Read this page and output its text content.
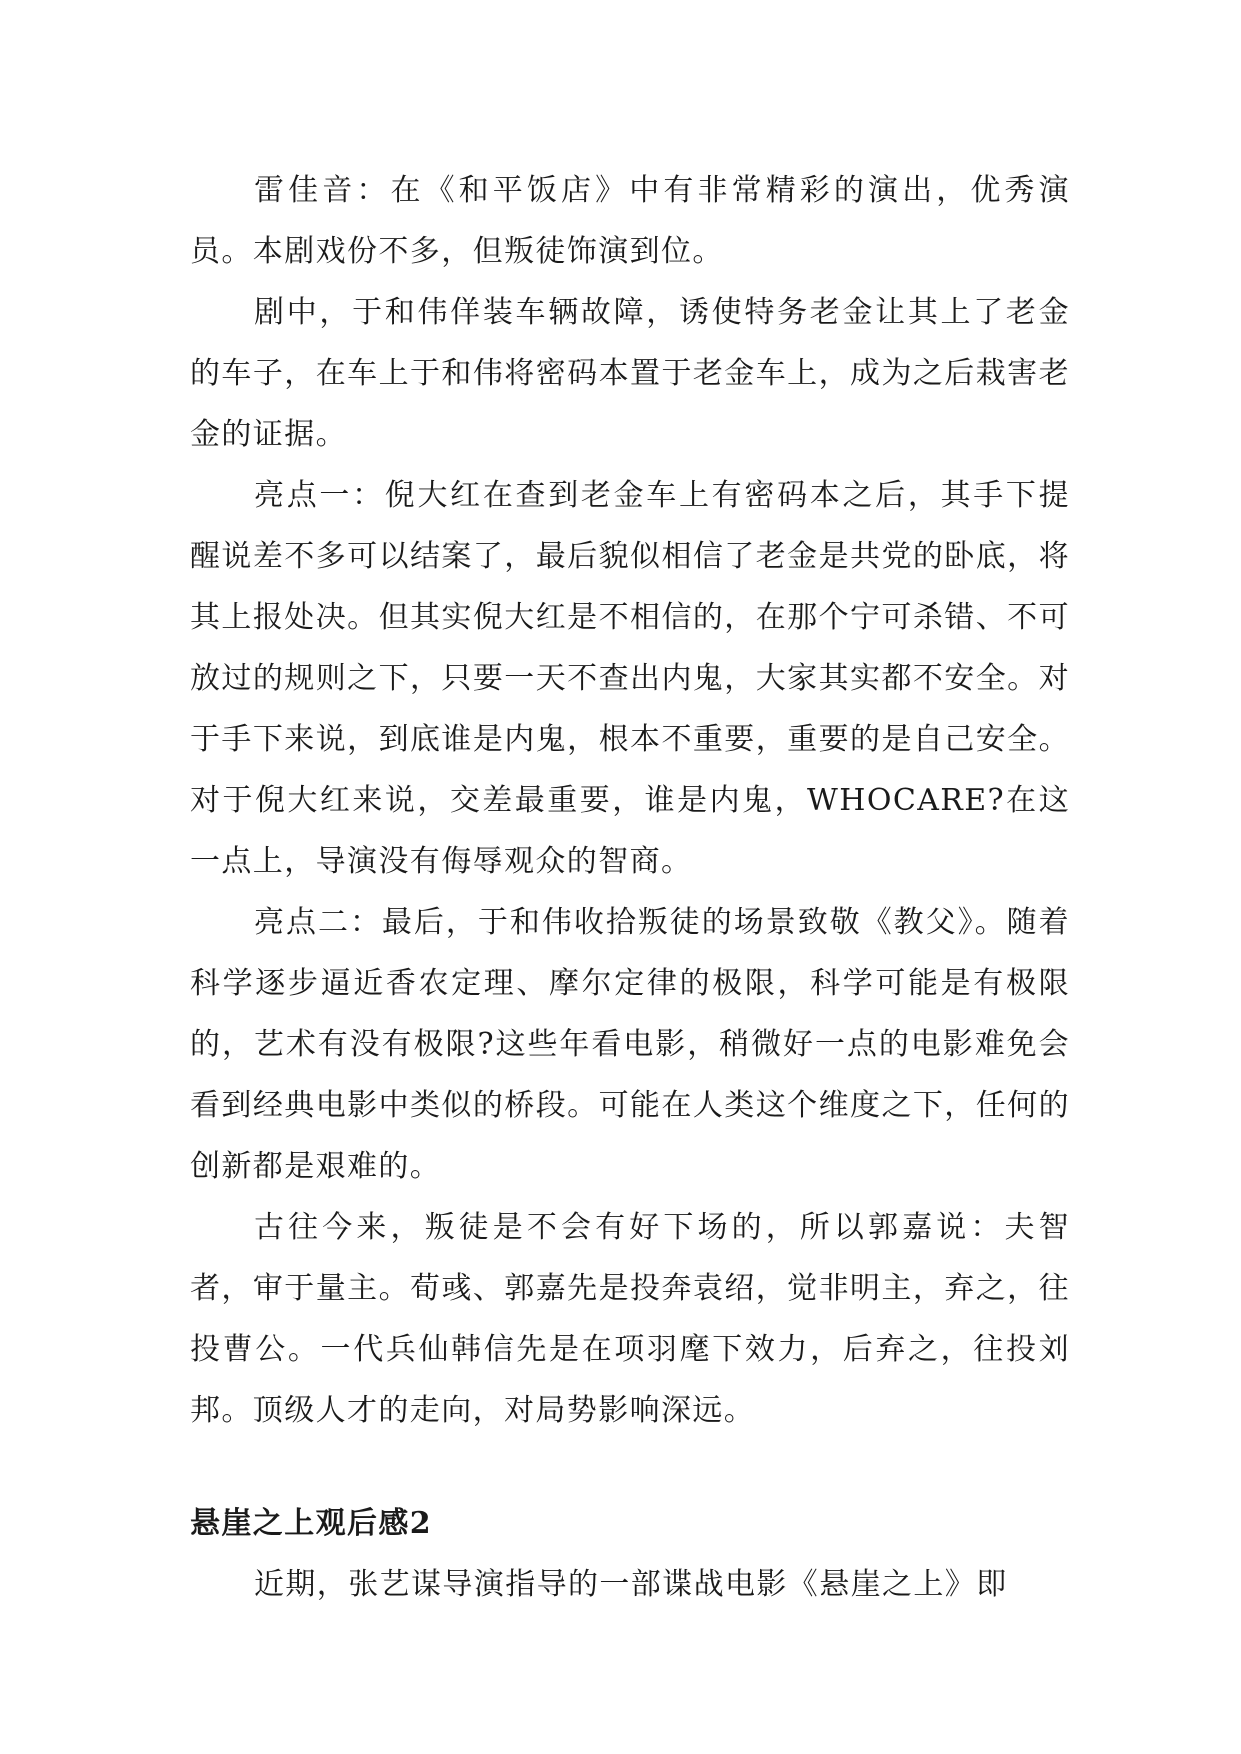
雷佳音：在《和平饭店》中有非常精彩的演出，优秀演员。本剧戏份不多，但叛徒饰演到位。

剧中，于和伟佯装车辆故障，诱使特务老金让其上了老金的车子，在车上于和伟将密码本置于老金车上，成为之后栽害老金的证据。

亮点一：倪大红在查到老金车上有密码本之后，其手下提醒说差不多可以结案了，最后貌似相信了老金是共党的卧底，将其上报处决。但其实倪大红是不相信的，在那个宁可杀错、不可放过的规则之下，只要一天不查出内鬼，大家其实都不安全。对于手下来说，到底谁是内鬼，根本不重要，重要的是自己安全。对于倪大红来说，交差最重要，谁是内鬼，WHOCARE?在这一点上，导演没有侮辱观众的智商。

亮点二：最后，于和伟收拾叛徒的场景致敬《教父》。随着科学逐步逼近香农定理、摩尔定律的极限，科学可能是有极限的，艺术有没有极限?这些年看电影，稍微好一点的电影难免会看到经典电影中类似的桥段。可能在人类这个维度之下，任何的创新都是艰难的。

古往今来，叛徒是不会有好下场的，所以郭嘉说：夫智者，审于量主。荀彧、郭嘉先是投奔袁绍，觉非明主，弃之，往投曹公。一代兵仙韩信先是在项羽麾下效力，后弃之，往投刘邦。顶级人才的走向，对局势影响深远。

悬崖之上观后感2

近期，张艺谋导演指导的一部谍战电影《悬崖之上》即
